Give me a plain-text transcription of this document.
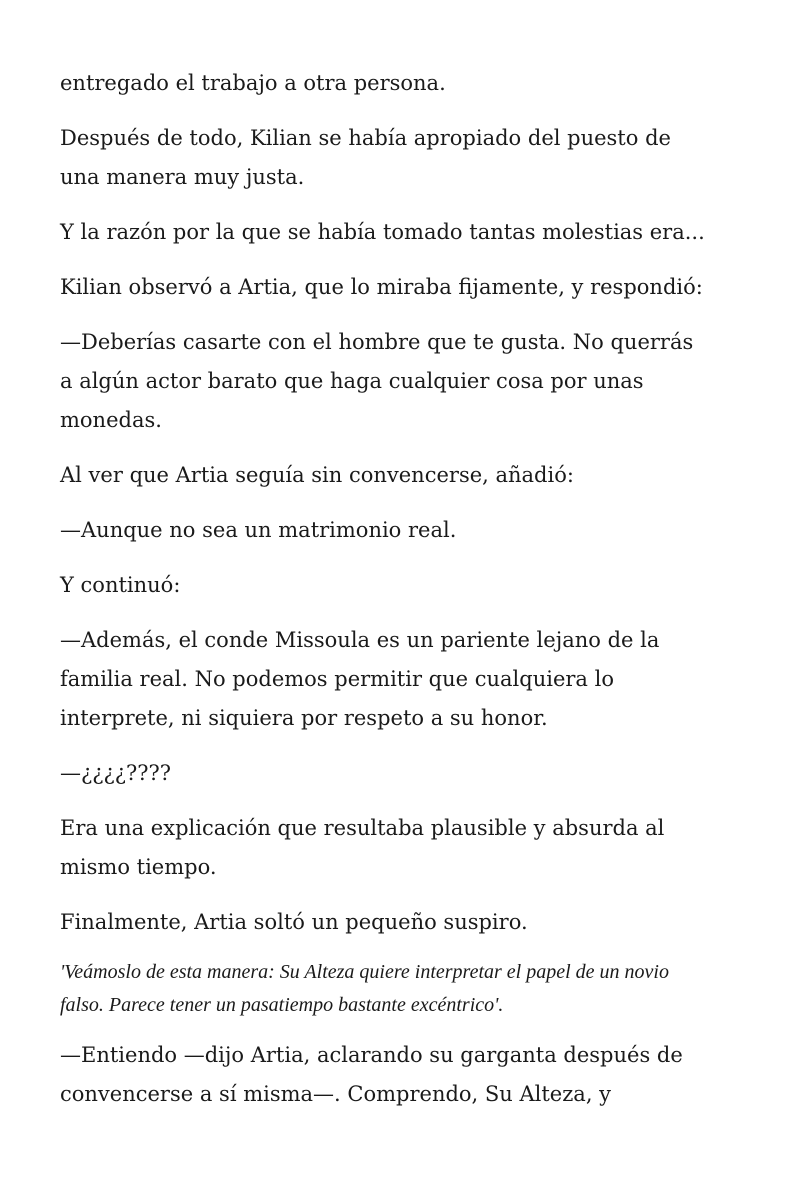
entregado el trabajo a otra persona.

Después de todo, Kilian se había apropiado del puesto de
una manera muy justa.

Y la razón por la que se había tomado tantas molestias era...

Kilian observó a Artia, que lo miraba fijamente, y respondió:

—Deberías casarte con el hombre que te gusta. No querrás
a algún actor barato que haga cualquier cosa por unas
monedas.

Al ver que Artia seguía sin convencerse, añadió:

—Aunque no sea un matrimonio real.

Y continuó:

—Además, el conde Missoula es un pariente lejano de la
familia real. No podemos permitir que cualquiera lo
interprete, ni siquiera por respeto a su honor.

—¿¿¿¿????

Era una explicación que resultaba plausible y absurda al
mismo tiempo.

Finalmente, Artia soltó un pequeño suspiro.

'Veámoslo de esta manera: Su Alteza quiere interpretar el papel de un novio
falso. Parece tener un pasatiempo bastante excéntrico'.

—Entiendo —dijo Artia, aclarando su garganta después de
convencerse a sí misma—. Comprendo, Su Alteza, y
